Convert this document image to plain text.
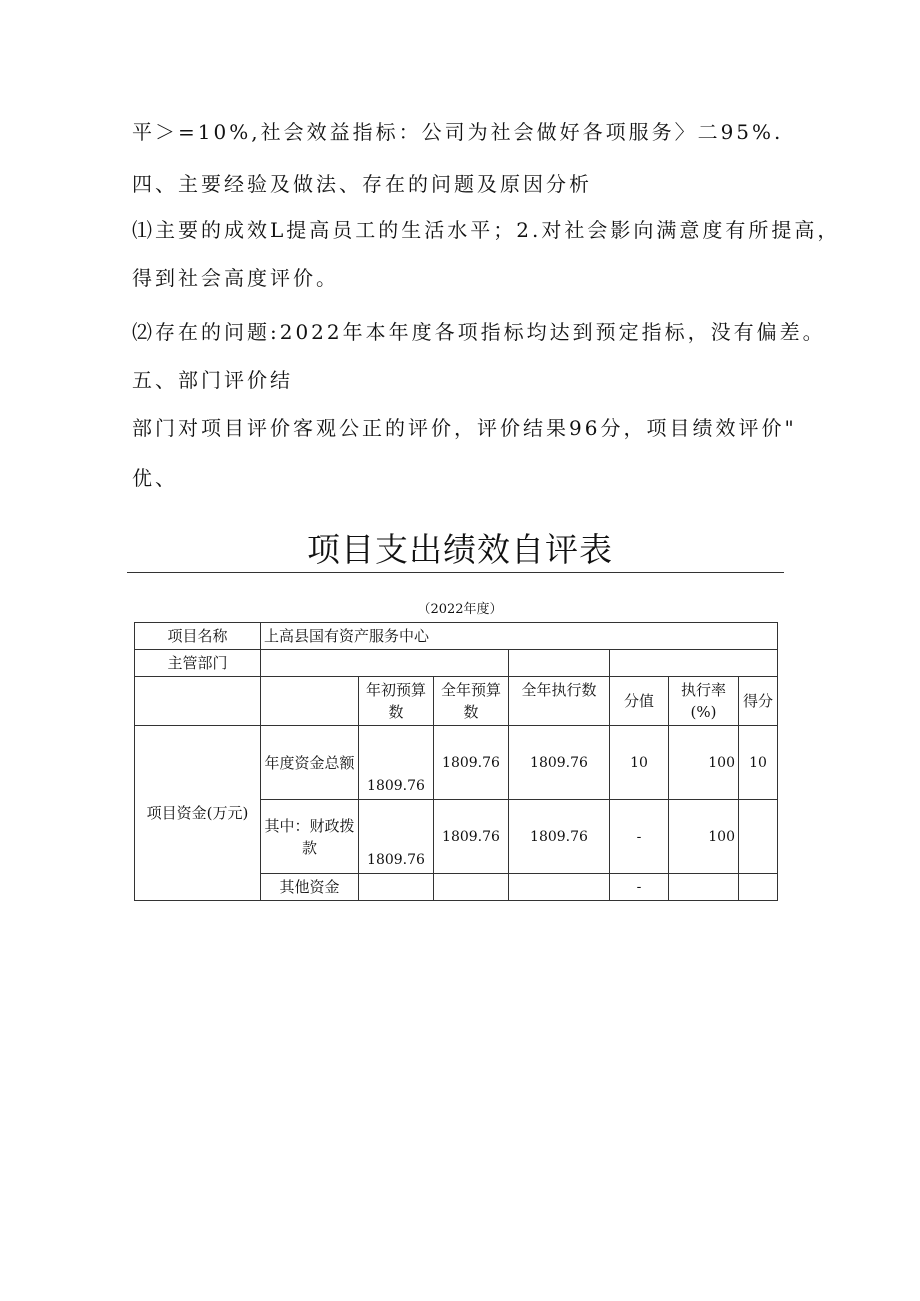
平＞=10%,社会效益指标：公司为社会做好各项服务〉二95%.

四、主要经验及做法、存在的问题及原因分析

⑴主要的成效L提高员工的生活水平；2.对社会影向满意度有所提高，

得到社会高度评价。

⑵存在的问题:2022年本年度各项指标均达到预定指标，没有偏差。

五、部门评价结

部门对项目评价客观公正的评价，评价结果96分，项目绩效评价"

优、

项目支出绩效自评表
（2022年度）
项目名称	上高县国有资产服务中心						
主管部门							
		年初预算数	全年预算数	全年执行数	分值	执行率(%)	得分
项目资金(万元)	年度资金总额	1809.76	1809.76	1809.76	10	100	10
	其中：财政拨款	1809.76	1809.76	1809.76	-	100	
	其他资金				-		
